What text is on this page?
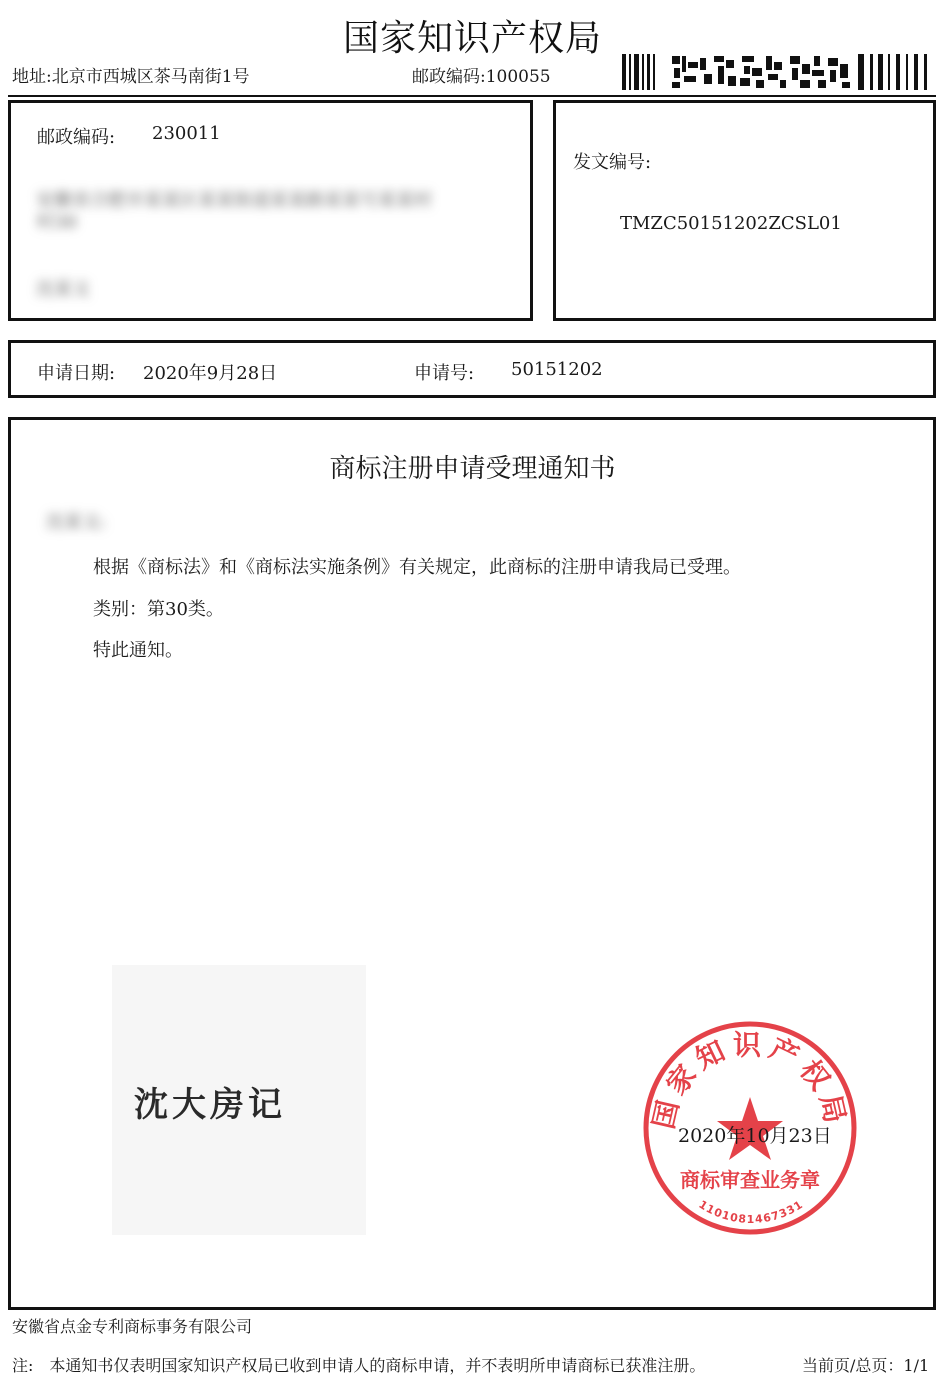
国家知识产权局
地址:北京市西城区茶马南街1号	邮政编码:100055
邮政编码: 230011
安徽省合肥市某某区某某街道某某路某某号某某村
村30
沈某文
发文编号:
TMZC50151202ZCSL01
申请日期: 2020年9月28日	申请号: 50151202
商标注册申请受理通知书
沈某文:
根据《商标法》和《商标法实施条例》有关规定，此商标的注册申请我局已受理。
类别：第30类。
特此通知。
沈大房记	国家知识产权局
商标审查业务章
1101081467331
2020年10月23日
安徽省点金专利商标事务有限公司
注:　本通知书仅表明国家知识产权局已收到申请人的商标申请，并不表明所申请商标已获准注册。	当前页/总页：1/1
